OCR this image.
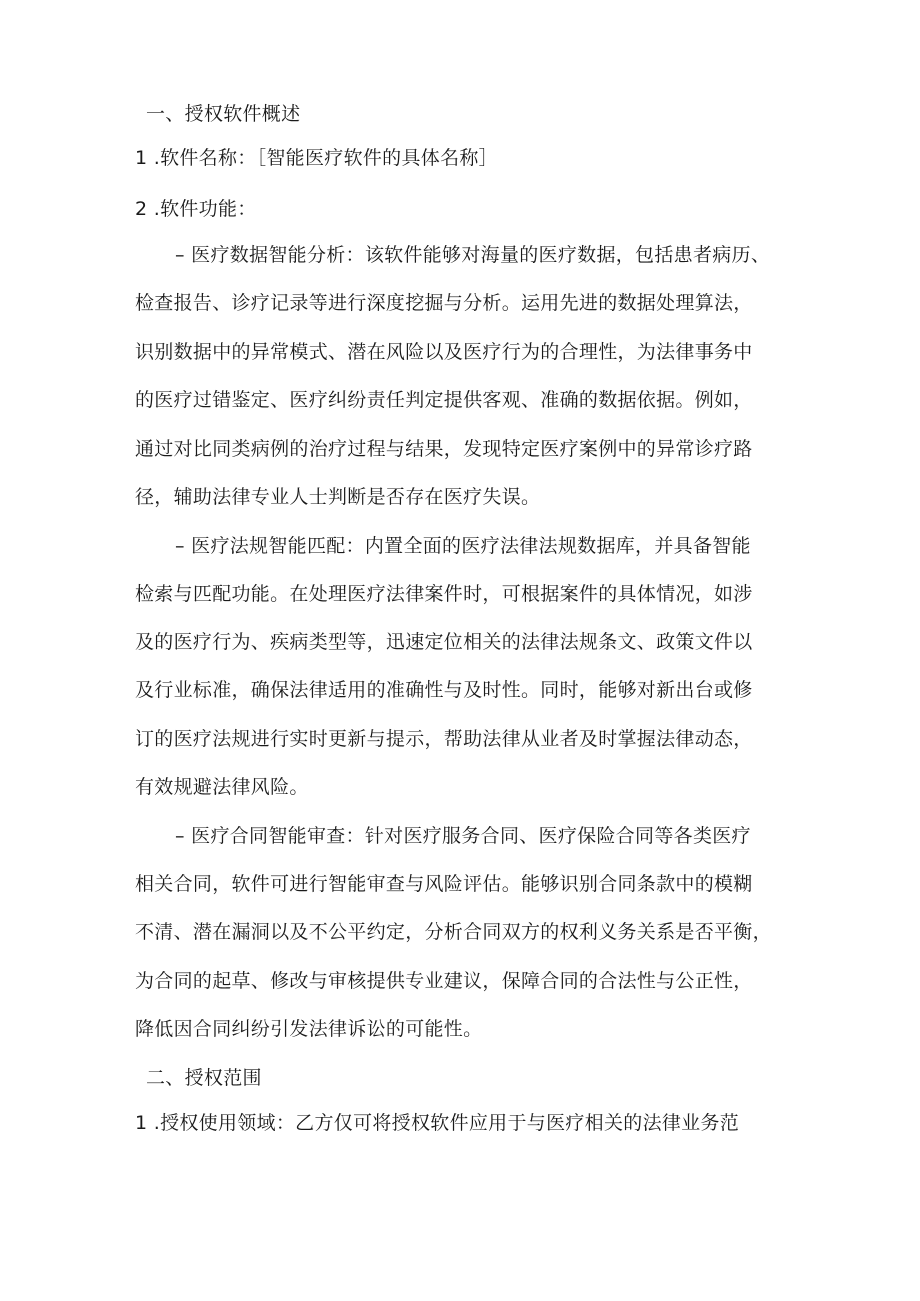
一、授权软件概述
1 .软件名称：［智能医疗软件的具体名称］
2 .软件功能：
– 医疗数据智能分析：该软件能够对海量的医疗数据，包括患者病历、
检查报告、诊疗记录等进行深度挖掘与分析。运用先进的数据处理算法，
识别数据中的异常模式、潜在风险以及医疗行为的合理性，为法律事务中
的医疗过错鉴定、医疗纠纷责任判定提供客观、准确的数据依据。例如，
通过对比同类病例的治疗过程与结果，发现特定医疗案例中的异常诊疗路
径，辅助法律专业人士判断是否存在医疗失误。
– 医疗法规智能匹配：内置全面的医疗法律法规数据库，并具备智能
检索与匹配功能。在处理医疗法律案件时，可根据案件的具体情况，如涉
及的医疗行为、疾病类型等，迅速定位相关的法律法规条文、政策文件以
及行业标准，确保法律适用的准确性与及时性。同时，能够对新出台或修
订的医疗法规进行实时更新与提示，帮助法律从业者及时掌握法律动态，
有效规避法律风险。
– 医疗合同智能审查：针对医疗服务合同、医疗保险合同等各类医疗
相关合同，软件可进行智能审查与风险评估。能够识别合同条款中的模糊
不清、潜在漏洞以及不公平约定，分析合同双方的权利义务关系是否平衡，
为合同的起草、修改与审核提供专业建议，保障合同的合法性与公正性，
降低因合同纠纷引发法律诉讼的可能性。
二、授权范围
1 .授权使用领域：乙方仅可将授权软件应用于与医疗相关的法律业务范
